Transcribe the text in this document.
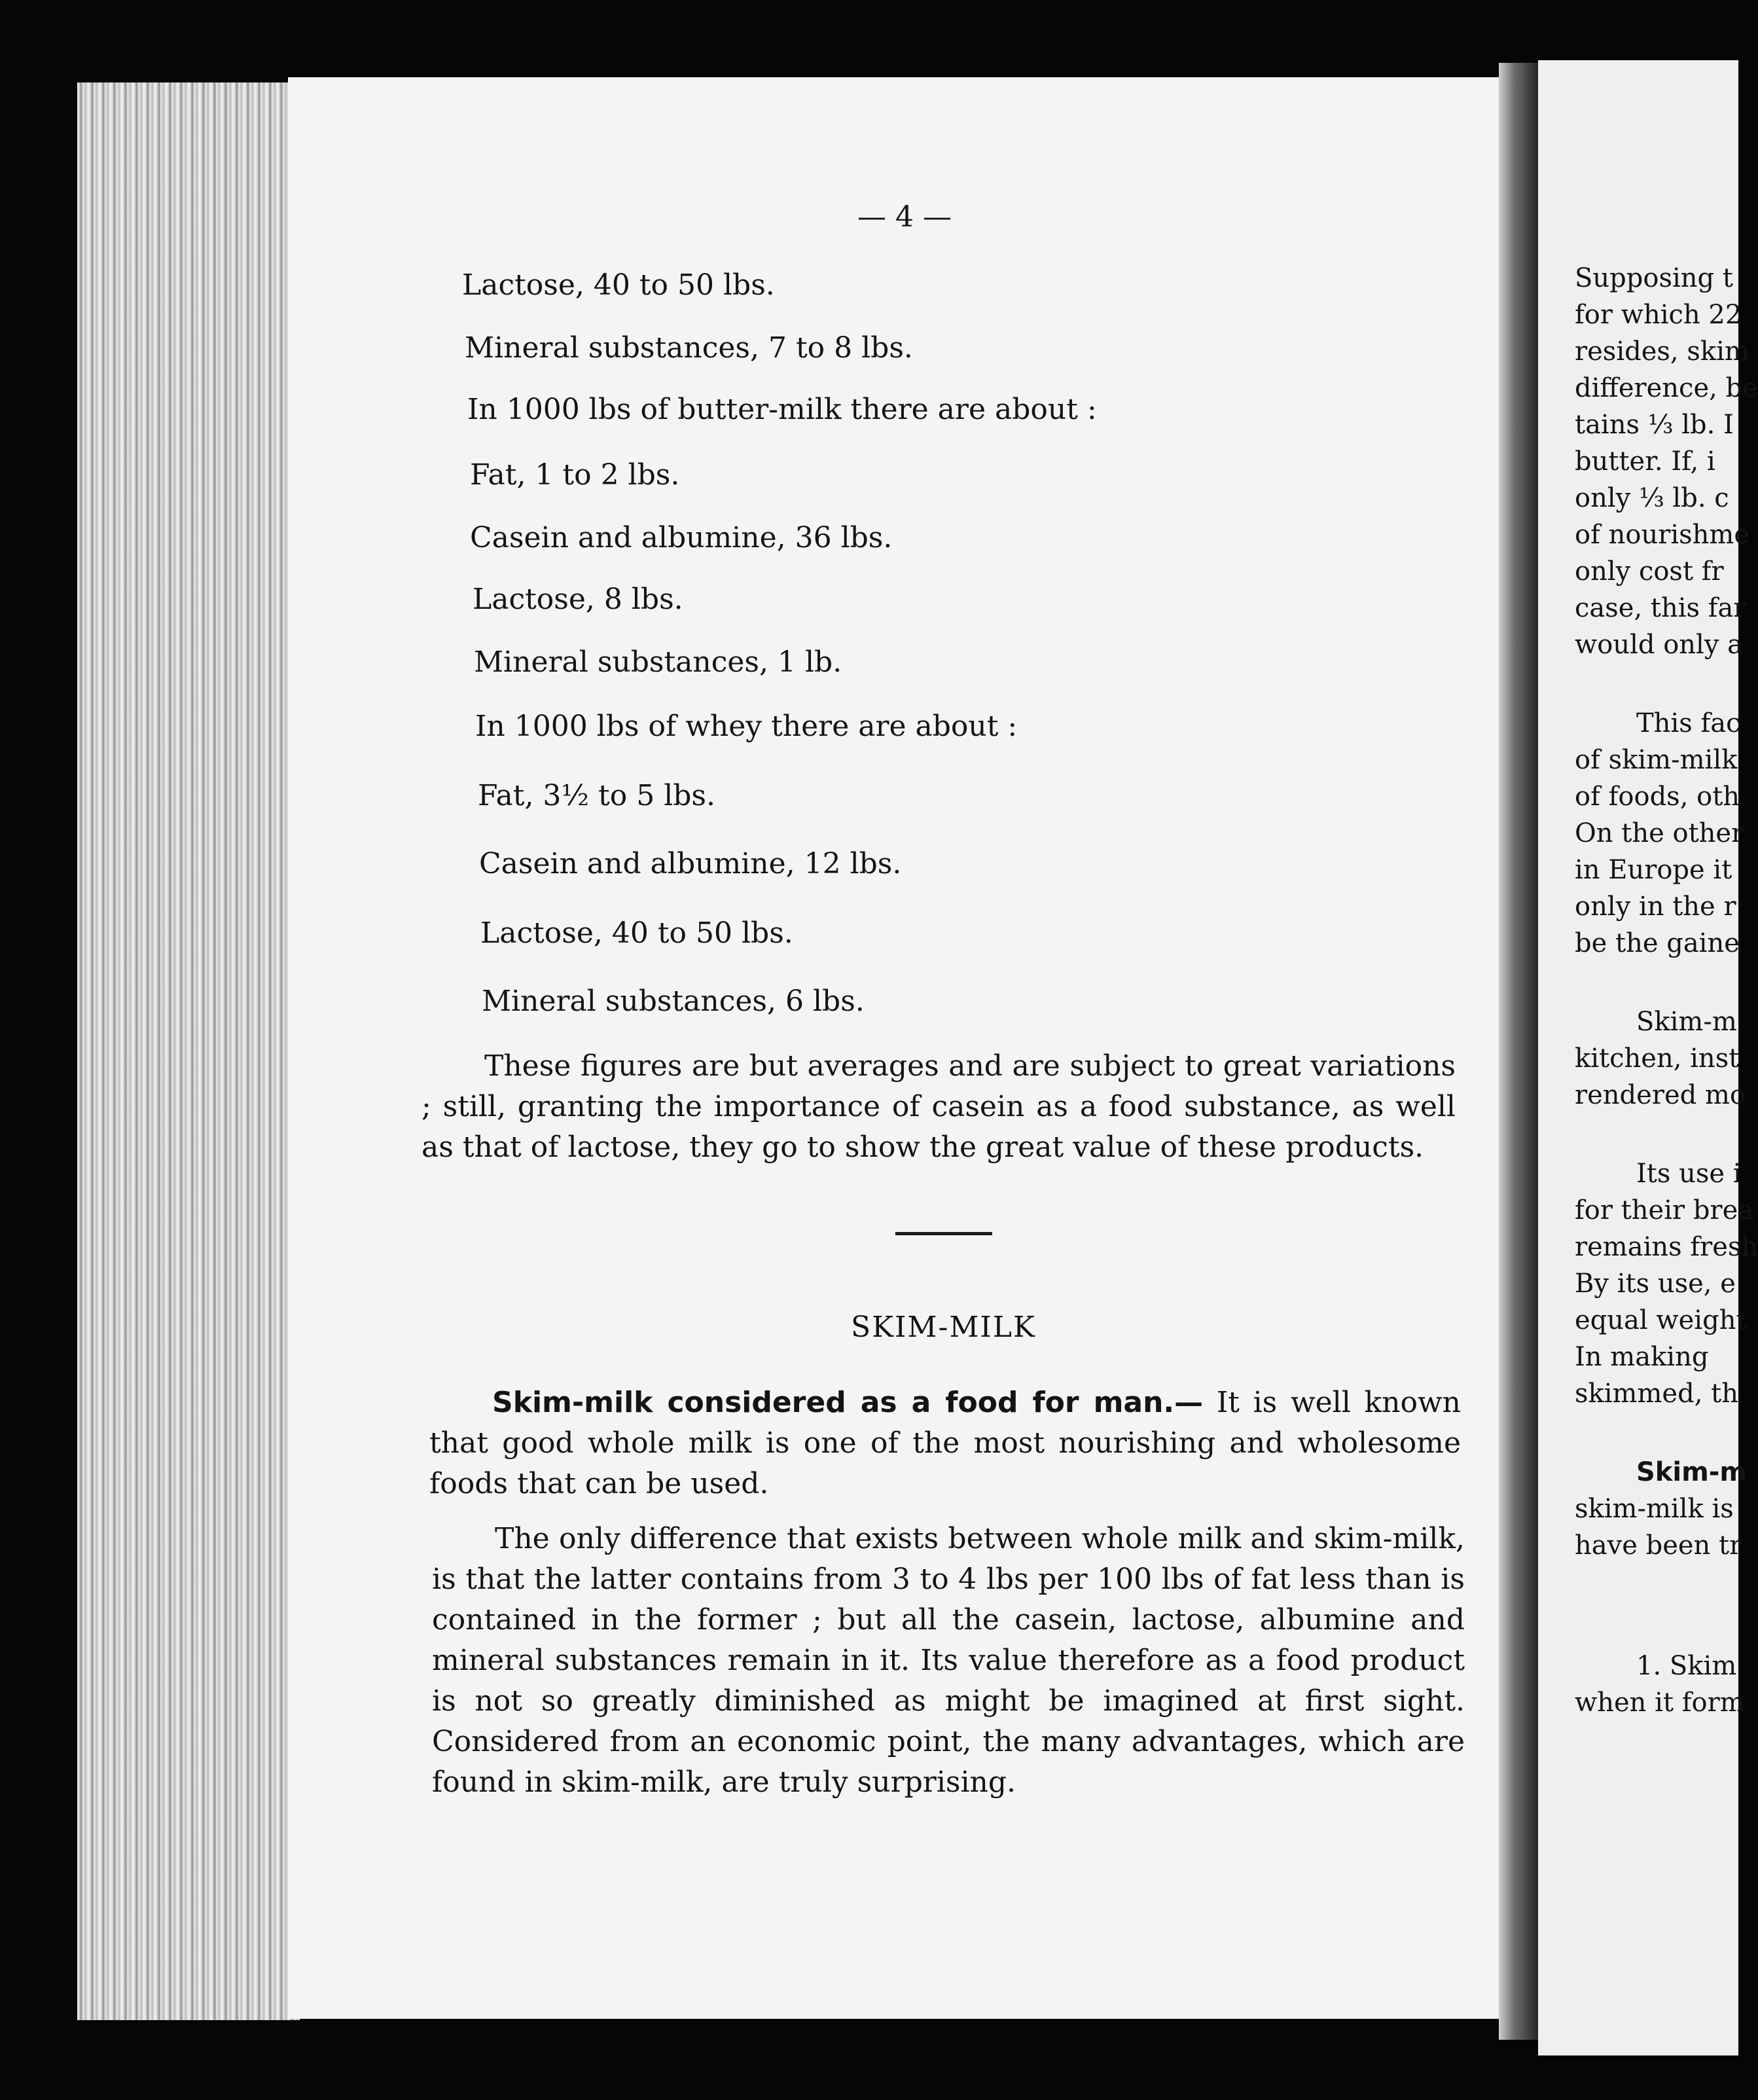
— 4 —
Lactose, 40 to 50 lbs.
Mineral substances, 7 to 8 lbs.
In 1000 lbs of butter-milk there are about :
Fat, 1 to 2 lbs.
Casein and albumine, 36 lbs.
Lactose, 8 lbs.
Mineral substances, 1 lb.
In 1000 lbs of whey there are about :
Fat, 3½ to 5 lbs.
Casein and albumine, 12 lbs.
Lactose, 40 to 50 lbs.
Mineral substances, 6 lbs.
These figures are but averages and are subject to great variations ; still, granting the importance of casein as a food substance, as well as that of lactose, they go to show the great value of these products.
SKIM-MILK
Skim-milk considered as a food for man.— It is well known that good whole milk is one of the most nourishing and wholesome foods that can be used.
The only difference that exists between whole milk and skim-milk, is that the latter contains from 3 to 4 lbs per 100 lbs of fat less than is contained in the former ; but all the casein, lactose, albumine and mineral substances remain in it. Its value therefore as a food product is not so greatly diminished as might be imagined at first sight. Considered from an economic point, the many advantages, which are found in skim-milk, are truly surprising.
Supposing t
for which 22
resides, skim
difference, be
tains ⅓ lb. I
butter. If, i
only ⅓ lb. c
of nourishme
only cost fr
case, this far
would only a
This fac
of skim-milk
of foods, oth
On the other
in Europe it
only in the r
be the gaine
Skim-m
kitchen, inst
rendered mo
Its use i
for their brea
remains fresh
By its use, e
equal weight
In making
skimmed, th
Skim-m
skim-milk is
have been tr
1. Skim
when it form
